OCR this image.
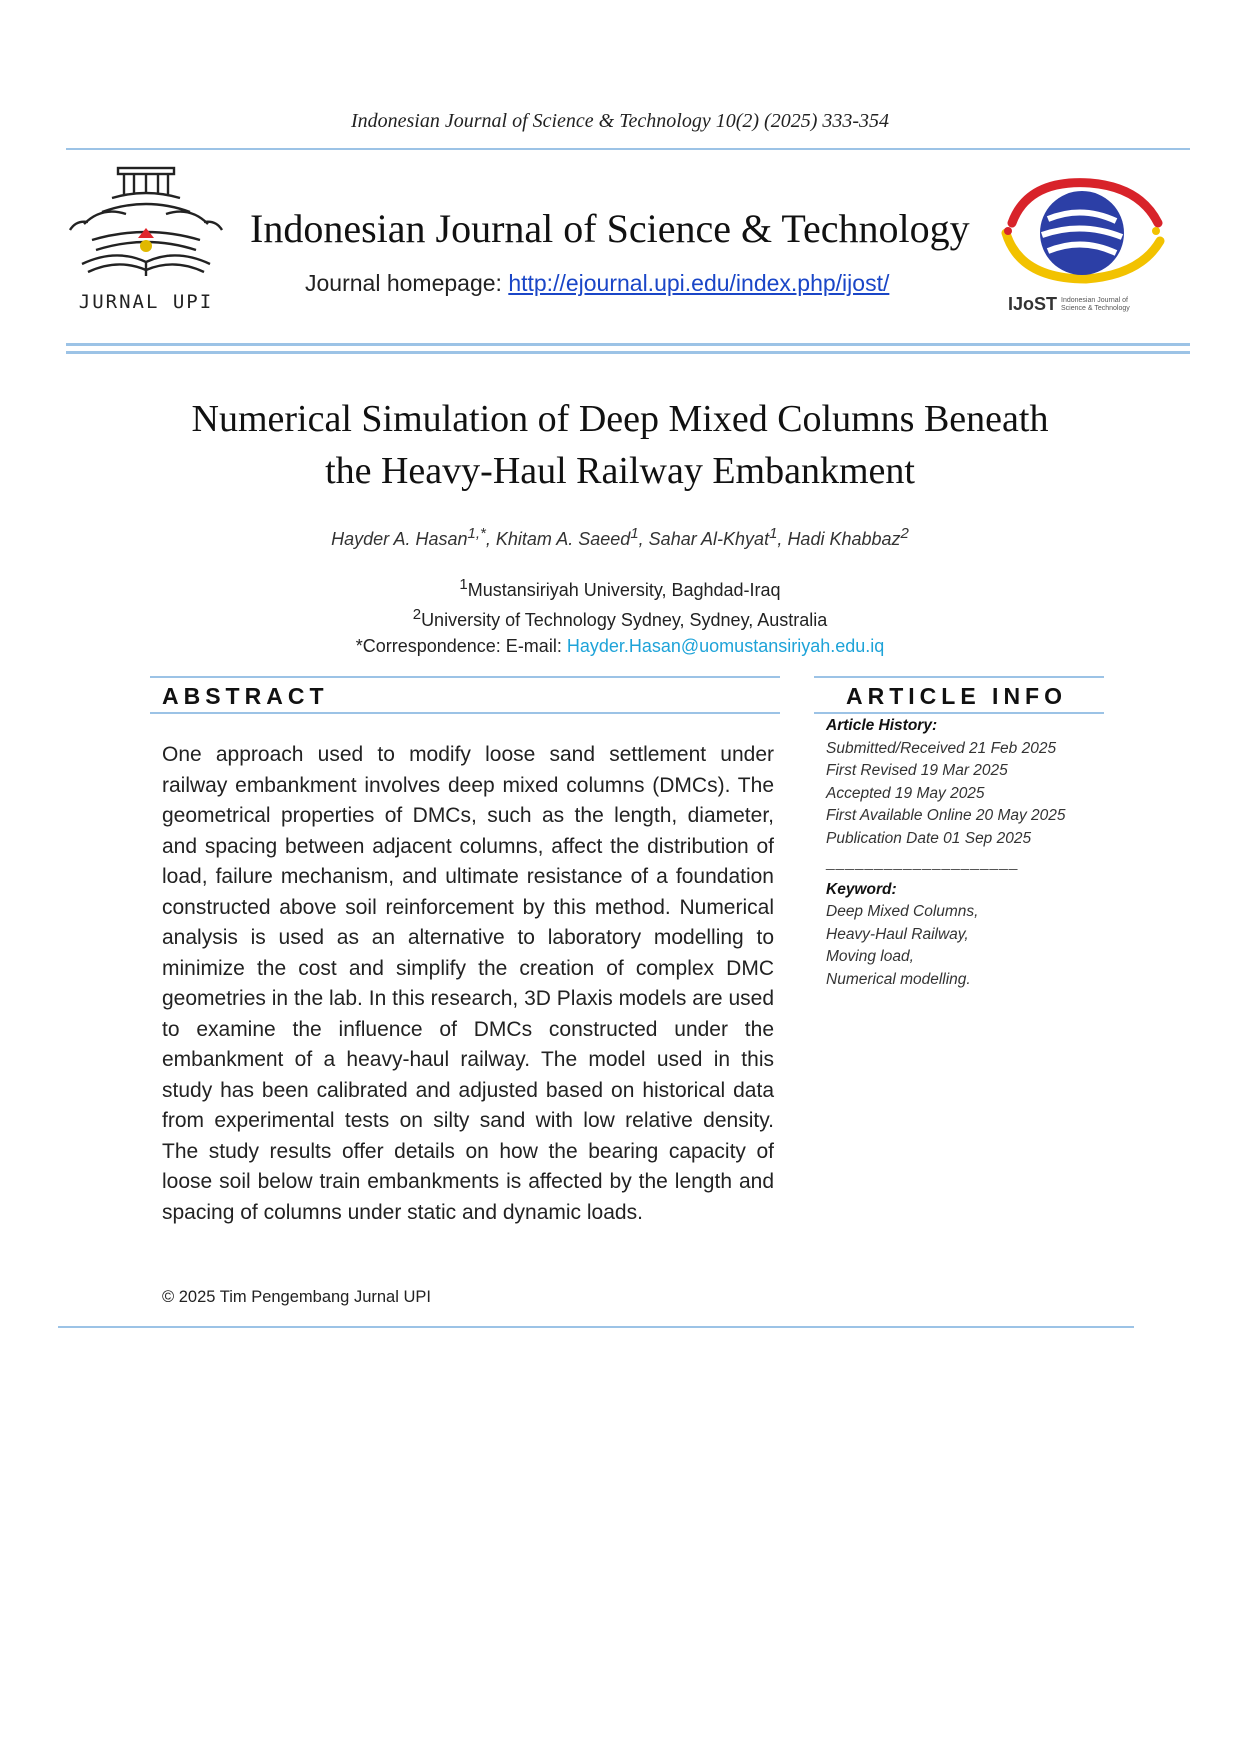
Indonesian Journal of Science & Technology 10(2) (2025) 333-354
JURNAL UPI
Indonesian Journal of Science & Technology
Journal homepage: http://ejournal.upi.edu/index.php/ijost/
IJoST Indonesian Journal of
Science & Technology
Numerical Simulation of Deep Mixed Columns Beneath
the Heavy-Haul Railway Embankment
Hayder A. Hasan$^{1,*}$, Khitam A. Saeed$^1$, Sahar Al-Khyat$^1$, Hadi Khabbaz$^2$
$^1$Mustansiriyah University, Baghdad-Iraq
$^2$University of Technology Sydney, Sydney, Australia
*Correspondence: E-mail: Hayder.Hasan@uomustansiriyah.edu.iq
ABSTRACT	ARTICLE INFO
One approach used to modify loose sand settlement under railway embankment involves deep mixed columns (DMCs). The geometrical properties of DMCs, such as the length, diameter, and spacing between adjacent columns, affect the distribution of load, failure mechanism, and ultimate resistance of a foundation constructed above soil reinforcement by this method. Numerical analysis is used as an alternative to laboratory modelling to minimize the cost and simplify the creation of complex DMC geometries in the lab. In this research, 3D Plaxis models are used to examine the influence of DMCs constructed under the embankment of a heavy-haul railway. The model used in this study has been calibrated and adjusted based on historical data from experimental tests on silty sand with low relative density. The study results offer details on how the bearing capacity of loose soil below train embankments is affected by the length and spacing of columns under static and dynamic loads.
Article History:
Submitted/Received 21 Feb 2025
First Revised 19 Mar 2025
Accepted 19 May 2025
First Available Online 20 May 2025
Publication Date 01 Sep 2025
____________________
Keyword:
Deep Mixed Columns,
Heavy-Haul Railway,
Moving load,
Numerical modelling.
© 2025 Tim Pengembang Jurnal UPI
